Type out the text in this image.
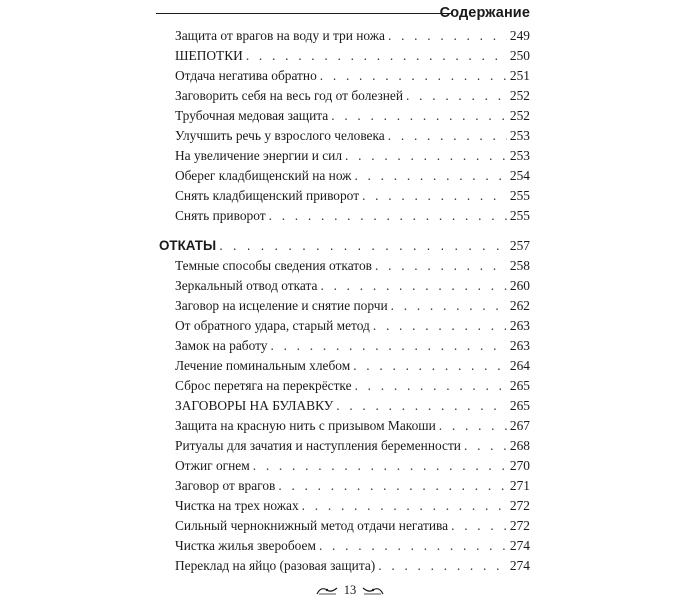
Содержание
Защита от врагов на воду и три ножа . . .	249
ШЕПОТКИ . . .	250
Отдача негатива обратно . . .	251
Заговорить себя на весь год от болезней . . .	252
Трубочная медовая защита . . .	252
Улучшить речь у взрослого человека . . .	253
На увеличение энергии и сил . . .	253
Оберег кладбищенский на нож . . .	254
Снять кладбищенский приворот . . .	255
Снять приворот . . .	255
ОТКАТЫ . . .	257
Темные способы сведения откатов . . .	258
Зеркальный отвод отката . . .	260
Заговор на исцеление и снятие порчи . . .	262
От обратного удара, старый метод . . .	263
Замок на работу . . .	263
Лечение поминальным хлебом . . .	264
Сброс перетяга на перекрёстке . . .	265
ЗАГОВОРЫ НА БУЛАВКУ . . .	265
Защита на красную нить с призывом Макоши . . .	267
Ритуалы для зачатия и наступления беременности . . .	268
Отжиг огнем . . .	270
Заговор от врагов . . .	271
Чистка на трех ножах . . .	272
Сильный чернокнижный метод отдачи негатива . . .	272
Чистка жилья зверобоем . . .	274
Переклад на яйцо (разовая защита) . . .	274
13
